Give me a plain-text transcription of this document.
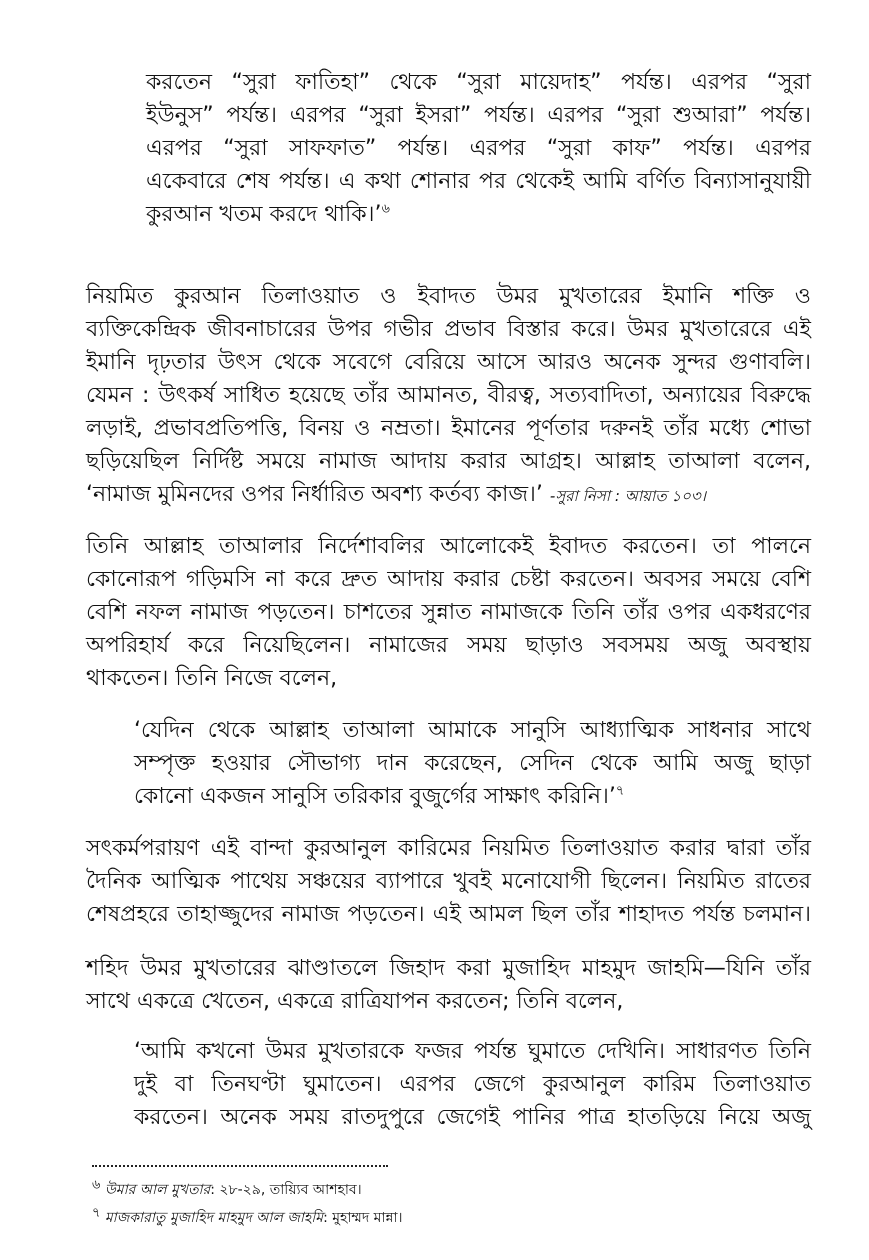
করতেন “সুরা ফাতিহা” থেকে “সুরা মায়েদাহ” পর্যন্ত। এরপর “সুরা
ইউনুস” পর্যন্ত। এরপর “সুরা ইসরা” পর্যন্ত। এরপর “সুরা শুআরা” পর্যন্ত।
এরপর “সুরা সাফফাত” পর্যন্ত। এরপর “সুরা কাফ” পর্যন্ত। এরপর
একেবারে শেষ পর্যন্ত। এ কথা শোনার পর থেকেই আমি বর্ণিত বিন্যাসানুযায়ী
কুরআন খতম করদে থাকি।’$^৬$
নিয়মিত কুরআন তিলাওয়াত ও ইবাদত উমর মুখতারের ইমানি শক্তি ও
ব্যক্তিকেন্দ্রিক জীবনাচারের উপর গভীর প্রভাব বিস্তার করে। উমর মুখতারেরে এই
ইমানি দৃঢ়তার উৎস থেকে সবেগে বেরিয়ে আসে আরও অনেক সুন্দর গুণাবলি।
যেমন : উৎকর্ষ সাধিত হয়েছে তাঁর আমানত, বীরত্ব, সত্যবাদিতা, অন্যায়ের বিরুদ্ধে
লড়াই, প্রভাবপ্রতিপত্তি, বিনয় ও নম্রতা। ইমানের পূর্ণতার দরুনই তাঁর মধ্যে শোভা
ছড়িয়েছিল নির্দিষ্ট সময়ে নামাজ আদায় করার আগ্রহ। আল্লাহ তাআলা বলেন,
‘নামাজ মুমিনদের ওপর নির্ধারিত অবশ্য কর্তব্য কাজ।’ -সুরা নিসা : আয়াত ১০৩।
তিনি আল্লাহ তাআলার নির্দেশাবলির আলোকেই ইবাদত করতেন। তা পালনে
কোনোরূপ গড়িমসি না করে দ্রুত আদায় করার চেষ্টা করতেন। অবসর সময়ে বেশি
বেশি নফল নামাজ পড়তেন। চাশতের সুন্নাত নামাজকে তিনি তাঁর ওপর একধরণের
অপরিহার্য করে নিয়েছিলেন। নামাজের সময় ছাড়াও সবসময় অজু অবস্থায়
থাকতেন। তিনি নিজে বলেন,
‘যেদিন থেকে আল্লাহ তাআলা আমাকে সানুসি আধ্যাত্মিক সাধনার সাথে
সম্পৃক্ত হওয়ার সৌভাগ্য দান করেছেন, সেদিন থেকে আমি অজু ছাড়া
কোনো একজন সানুসি তরিকার বুজুর্গের সাক্ষাৎ করিনি।’$^৭$
সৎকর্মপরায়ণ এই বান্দা কুরআনুল কারিমের নিয়মিত তিলাওয়াত করার দ্বারা তাঁর
দৈনিক আত্মিক পাথেয় সঞ্চয়ের ব্যাপারে খুবই মনোযোগী ছিলেন। নিয়মিত রাতের
শেষপ্রহরে তাহাজ্জুদের নামাজ পড়তেন। এই আমল ছিল তাঁর শাহাদত পর্যন্ত চলমান।
শহিদ উমর মুখতারের ঝাণ্ডাতলে জিহাদ করা মুজাহিদ মাহমুদ জাহমি—যিনি তাঁর
সাথে একত্রে খেতেন, একত্রে রাত্রিযাপন করতেন; তিনি বলেন,
‘আমি কখনো উমর মুখতারকে ফজর পর্যন্ত ঘুমাতে দেখিনি। সাধারণত তিনি
দুই বা তিনঘণ্টা ঘুমাতেন। এরপর জেগে কুরআনুল কারিম তিলাওয়াত
করতেন। অনেক সময় রাতদুপুরে জেগেই পানির পাত্র হাতড়িয়ে নিয়ে অজু

৬ উমার আল মুখতার: ২৮-২৯, তায়্যিব আশহাব।

৭ মাজকারাতু মুজাহিদ মাহমুদ আল জাহমি: মুহাম্মদ মান্না।
